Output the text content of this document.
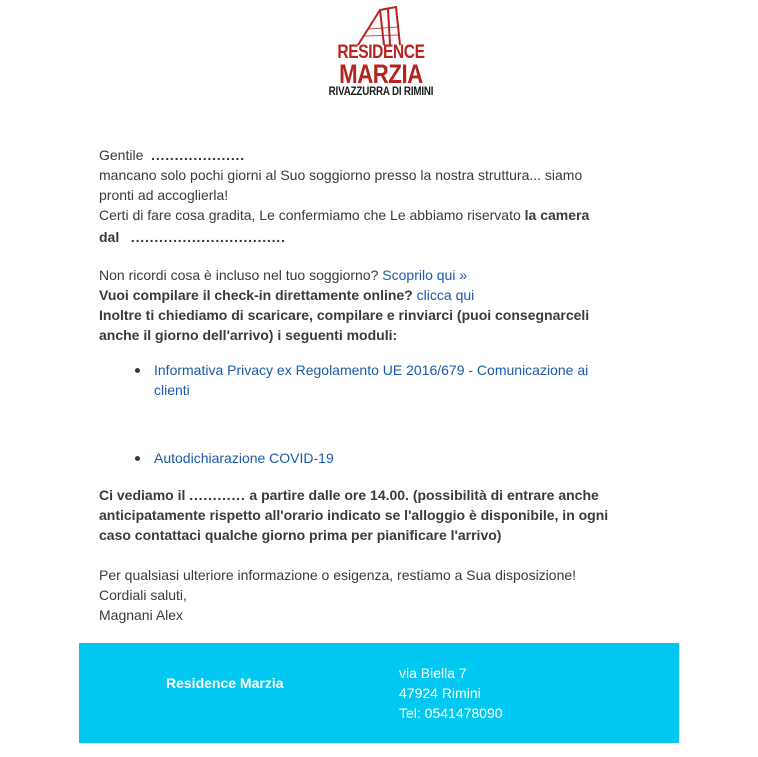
RESIDENCE
MARZIA
RIVAZZURRA DI RIMINI
Gentile ....................
mancano solo pochi giorni al Suo soggiorno presso la nostra struttura... siamo
pronti ad accoglierla!
Certi di fare cosa gradita, Le confermiamo che Le abbiamo riservato la camera
dal .................................
Non ricordi cosa è incluso nel tuo soggiorno? Scoprilo qui »
Vuoi compilare il check-in direttamente online? clicca qui
Inoltre ti chiediamo di scaricare, compilare e rinviarci (puoi consegnarceli
anche il giorno dell'arrivo) i seguenti moduli:
Informativa Privacy ex Regolamento UE 2016/679 - Comunicazione ai
clienti
Autodichiarazione COVID-19
Ci vediamo il ............ a partire dalle ore 14.00. (possibilità di entrare anche
anticipatamente rispetto all'orario indicato se l'alloggio è disponibile, in ogni
caso contattaci qualche giorno prima per pianificare l'arrivo)
Per qualsiasi ulteriore informazione o esigenza, restiamo a Sua disposizione!
Cordiali saluti,
Magnani Alex
Residence Marzia
via Biella 7
47924 Rimini
Tel: 0541478090
